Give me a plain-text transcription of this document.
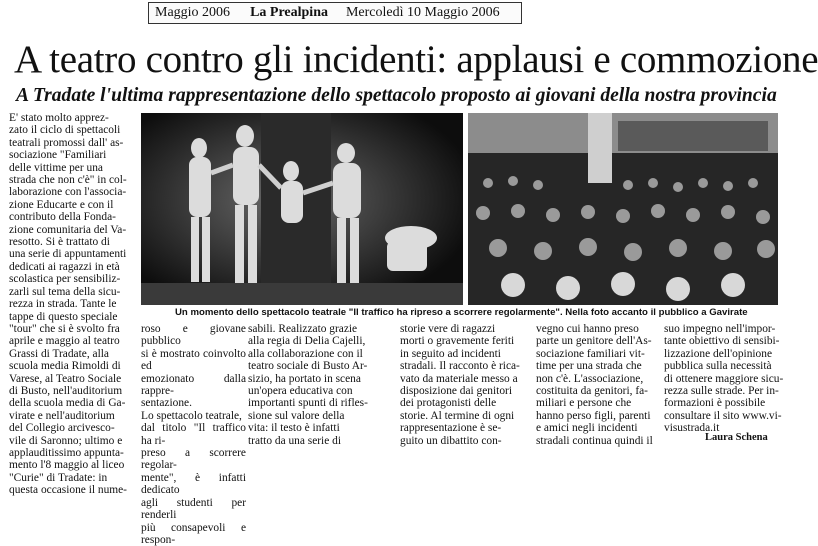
Maggio 2006	La Prealpina	Mercoledì 10 Maggio 2006
A teatro contro gli incidenti: applausi e commozione
A Tradate l'ultima rappresentazione dello spettacolo proposto ai giovani della nostra provincia
E' stato molto apprez-
zato il ciclo di spettacoli
teatrali promossi dall' as-
sociazione "Familiari
delle vittime per una
strada che non c'è" in col-
laborazione con l'associa-
zione Educarte e con il
contributo della Fonda-
zione comunitaria del Va-
resotto. Si è trattato di
una serie di appuntamenti
dedicati ai ragazzi in età
scolastica per sensibiliz-
zarli sul tema della sicu-
rezza in strada. Tante le
tappe di questo speciale
"tour" che si è svolto fra
aprile e maggio al teatro
Grassi di Tradate, alla
scuola media Rimoldi di
Varese, al Teatro Sociale
di Busto, nell'auditorium
della scuola media di Ga-
virate e nell'auditorium
del Collegio arcivesco-
vile di Saronno; ultimo e
applauditissimo appunta-
mento l'8 maggio al liceo
"Curie" di Tradate: in
questa occasione il nume-
Un momento dello spettacolo teatrale "Il traffico ha ripreso a scorrere regolarmente". Nella foto accanto il pubblico a Gavirate
roso e giovane pubblico
si è mostrato coinvolto ed
emozionato dalla rappre-
sentazione.
Lo spettacolo teatrale,
dal titolo "Il traffico ha ri-
preso a scorrere regolar-
mente", è infatti dedicato
agli studenti per renderli
più consapevoli e respon-
sabili. Realizzato grazie
alla regia di Delia Cajelli,
alla collaborazione con il
teatro sociale di Busto Ar-
sizio, ha portato in scena
un'opera educativa con
importanti spunti di rifles-
sione sul valore della
vita: il testo è infatti
tratto da una serie di
storie vere di ragazzi
morti o gravemente feriti
in seguito ad incidenti
stradali. Il racconto è rica-
vato da materiale messo a
disposizione dai genitori
dei protagonisti delle
storie. Al termine di ogni
rappresentazione è se-
guito un dibattito con-
vegno cui hanno preso
parte un genitore dell'As-
sociazione familiari vit-
time per una strada che
non c'è. L'associazione,
costituita da genitori, fa-
miliari e persone che
hanno perso figli, parenti
e amici negli incidenti
stradali continua quindi il
suo impegno nell'impor-
tante obiettivo di sensibi-
lizzazione dell'opinione
pubblica sulla necessità
di ottenere maggiore sicu-
rezza sulle strade. Per in-
formazioni è possibile
consultare il sito www.vi-
visustrada.it
Laura Schena
